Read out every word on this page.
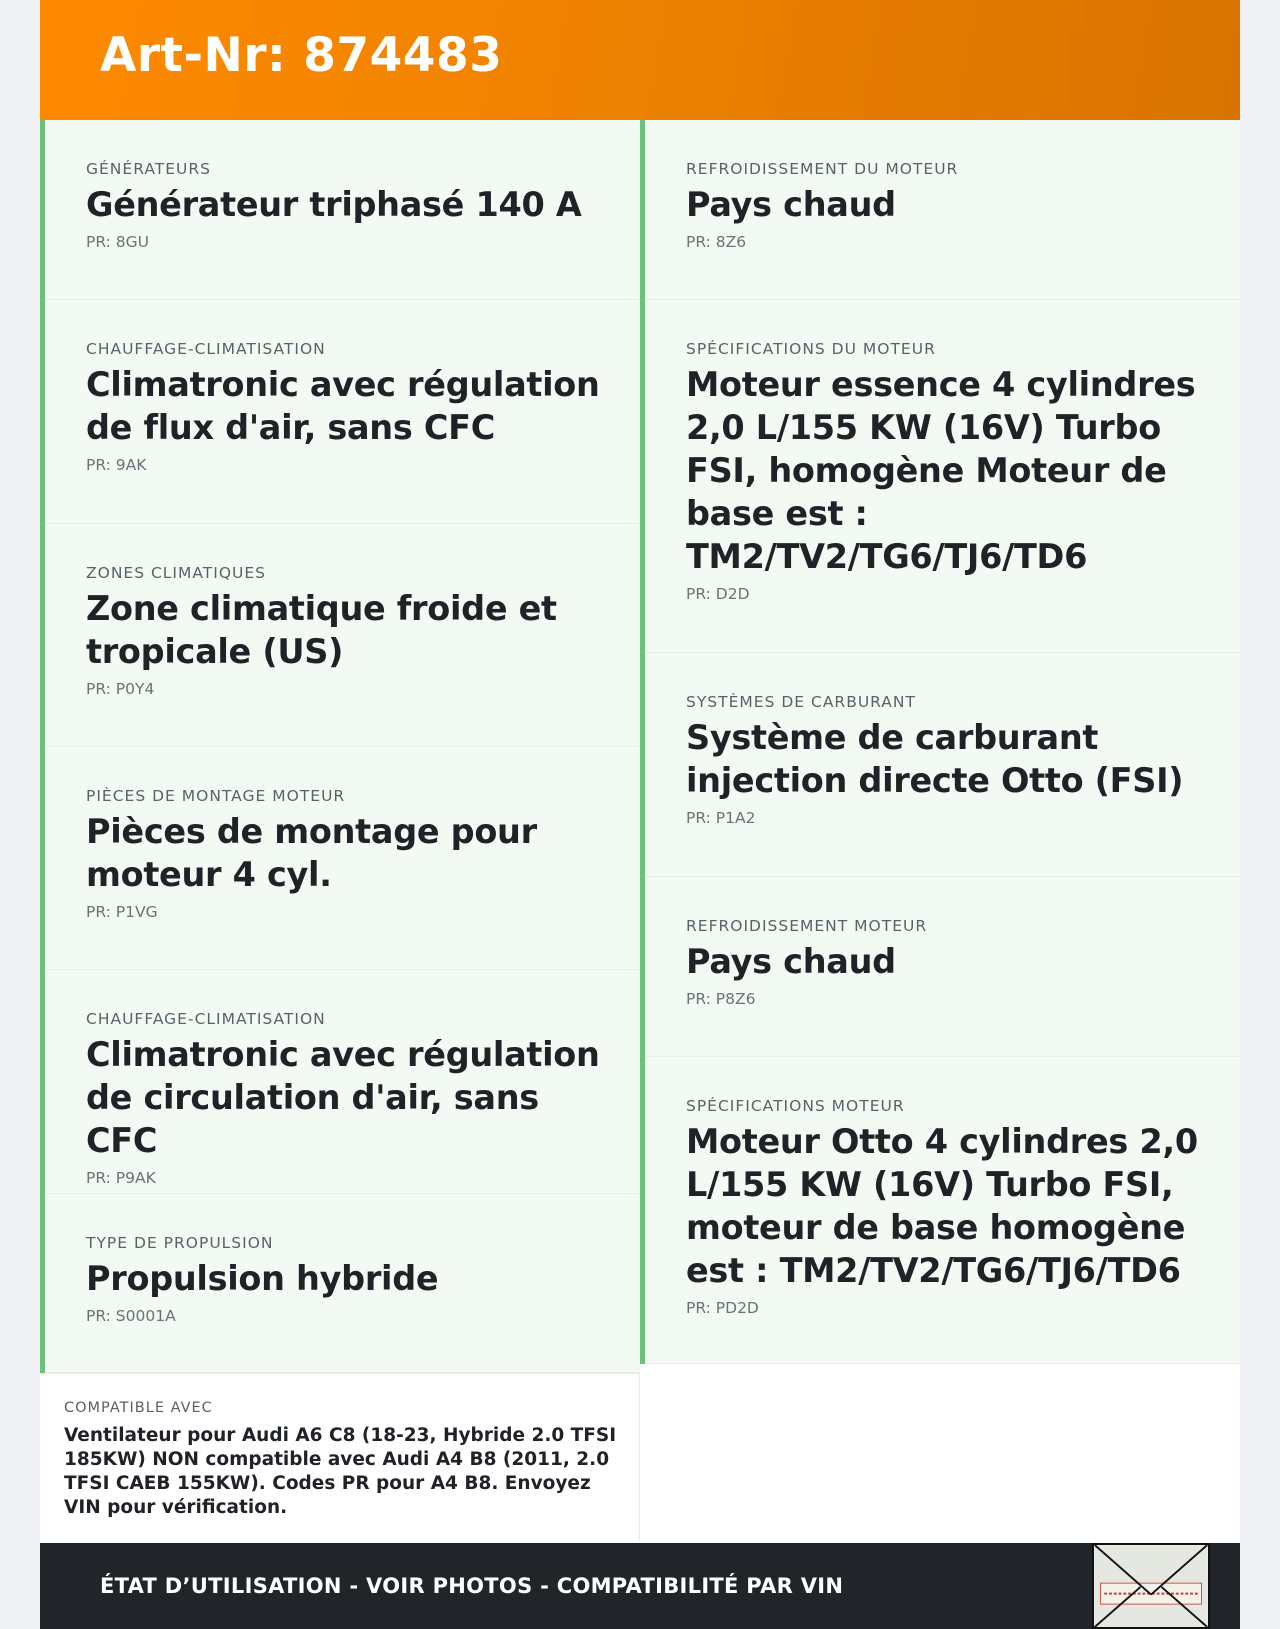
Art-Nr: 874483
GÉNÉRATEURS
Générateur triphasé 140 A
PR: 8GU
CHAUFFAGE-CLIMATISATION
Climatronic avec régulation de flux d'air, sans CFC
PR: 9AK
ZONES CLIMATIQUES
Zone climatique froide et tropicale (US)
PR: P0Y4
PIÈCES DE MONTAGE MOTEUR
Pièces de montage pour moteur 4 cyl.
PR: P1VG
CHAUFFAGE-CLIMATISATION
Climatronic avec régulation de circulation d'air, sans CFC
PR: P9AK
TYPE DE PROPULSION
Propulsion hybride
PR: S0001A
COMPATIBLE AVEC
Ventilateur pour Audi A6 C8 (18-23, Hybride 2.0 TFSI 185KW) NON compatible avec Audi A4 B8 (2011, 2.0 TFSI CAEB 155KW). Codes PR pour A4 B8. Envoyez VIN pour vérification.
REFROIDISSEMENT DU MOTEUR
Pays chaud
PR: 8Z6
SPÉCIFICATIONS DU MOTEUR
Moteur essence 4 cylindres 2,0 L/155 KW (16V) Turbo FSI, homogène Moteur de base est : TM2/TV2/TG6/TJ6/TD6
PR: D2D
SYSTÈMES DE CARBURANT
Système de carburant injection directe Otto (FSI)
PR: P1A2
REFROIDISSEMENT MOTEUR
Pays chaud
PR: P8Z6
SPÉCIFICATIONS MOTEUR
Moteur Otto 4 cylindres 2,0 L/155 KW (16V) Turbo FSI, moteur de base homogène est : TM2/TV2/TG6/TJ6/TD6
PR: PD2D
ÉTAT D’UTILISATION - VOIR PHOTOS - COMPATIBILITÉ PAR VIN
